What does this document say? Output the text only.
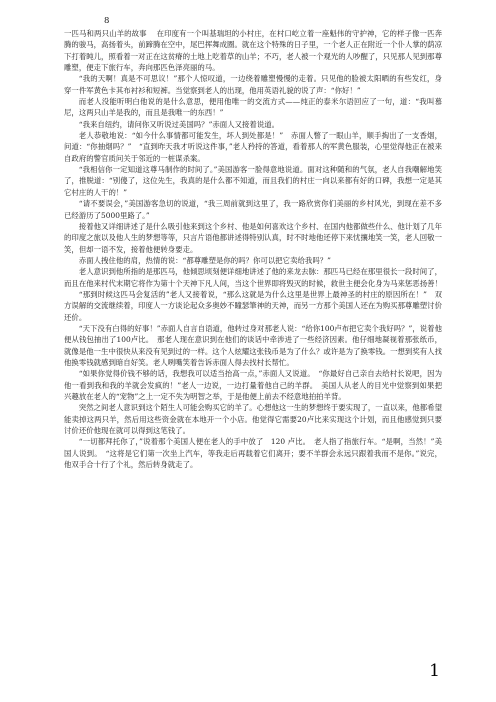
8

一匹马和两只山羊的故事　 在印度有一个叫基瑞坦的小村庄，在村口屹立着一座魁伟的守护神，它的样子像一匹奔腾的骏马，高扬着头，前蹄腾在空中，尾巴挥舞成圈。就在这个特殊的日子里，一个老人正在附近一个仆人掌的荫凉下打着盹儿，照看着一对正在这贫瘠的土地上吃着草的山羊；不巧，老人被一个观光的人吵醒了，只见那人见到那尊雕塑，便走下旅行车，奔向那匹色泽亮丽的马。

“我的天啊！真是不可思议！”那个人惊叹道，一边绕着雕塑慢慢的走着。只见他的脸被太阳晒的有些发红，身穿一件军黄色卡其布衬衫和短裤。当觉察到老人的出现，他用英语礼貌的说了声：“你好！”

而老人没能听明白他说的是什么意思，便用他唯一的交流方式——纯正的泰米尔语回应了一句，道：“我叫慕尼，这两只山羊是我的，而且是我唯一的东西！”

“我来自纽约，请问你又听说过美国吗？”赤面人又接着说道。

老人恭敬地说：“如今什么事情都可能发生，坏人到处都是！”　赤面人瞥了一眼山羊，顺手掏出了一支香烟，问道：“你抽烟吗？”　“直到昨天我才听说这件事，”老人矜持的答道，看着那人的军黄色服装，心里觉得他正在被来自政府的警官质问关于邻近的一桩谋杀案。

“我相信你一定知道这尊马制作的时间了。”美国游客一脸得意地说道。面对这种随和的气氛，老人自我嘲解地笑了，推脱道：“别傻了，这位先生，我真的是什么都不知道，而且我们的村庄一向以来都有好的口碑，我想一定是其它村庄的人干的！”

“请不要误会，”美国游客急切的说道，“我三周前就到这里了，我一路欣赏你们美丽的乡村风光，到现在差不多已经游历了5000里路了。”

接着他又详细讲述了是什么吸引他来到这个乡村、他是如何喜欢这个乡村、在国内他都做些什么、他计划了几年的印度之旅以及他人生的梦想等等，只言片语他都讲述得特别认真，时不时地他还停下来忧攘地笑一笑，老人回敬一笑，但却一语不发，接着他便转身要走。

赤面人拽住他的肩，热情的说：“都尊雕塑是你的吗？你可以把它卖给我吗？”

老人意识到他所指的是那匹马，他倾思顷刻便详细地讲述了他的来龙去脉：那匹马已经在那里很长一段时间了，而且在他来村代末期它将作为第十个天神下凡人间，当这个世界即将毁灭的时候，救世主便会化身为马来惩恶扬善！

“那到时候这匹马会复活的”老人又接着说，“那么这就是为什么这里是世界上最神圣的村庄的原因所在！”　双方误解的交流继续着，印度人一方谈论起众多奥妙不瞳瑟筆神的天神，而另一方那个美国人还在为购买那尊雕塑讨价还价。

“天下没有白得的好事！”赤面人自言自语道，他转过身对那老人说：“给你100卢布把它卖个我好吗？”，说着他便从钱包抽出了100卢比。　那老人现在意识到在他们的谈话中牵涉进了一些经济因素。他仔细地凝视着那张纸币，就像是他一生中很快从来没有见到过的一样。这个人炫耀这张钱币是为了什么？或许是为了换零钱。一想到奖有人找他换零钱就感到暗自好笑。老人咧嘴笑着告诉赤面人得去找村长帮忙。

“如果你觉得价钱不够的话，我想我可以适当抬高一点，”赤面人又说道。　“你最好自己亲自去给村长说吧，因为他一看到我和我的羊就会发疯的！”老人一边说，一边打量着他自己的羊群。　美国人从老人的目光中觉察到如果把兴趣放在老人的“宠物”之上一定不失为明智之举，于是他便上前去不经意地拍拍羊背。

突然之间老人意识到这个陌生人可能会购买它的羊了。心想他这一生的梦想终于要实现了，一直以来，他都希望能卖掉这两只羊，然后用这些资金就在本地开一个小店。他觉得它需要20卢比来实现这个计划，而且他感觉到只要讨价还价他现在就可以得到这笔钱了。

“一切都拜托你了，”说着那个美国人便在老人的手中放了　120 卢比。　老人指了指旅行车。“是啊，当然！”美国人说到。　“这将是它们第一次坐上汽车，等我走后再载着它们离开；要不羊群会永远只跟着我而不是你。”说完，他双手合十行了个礼，然后转身就走了。

1
